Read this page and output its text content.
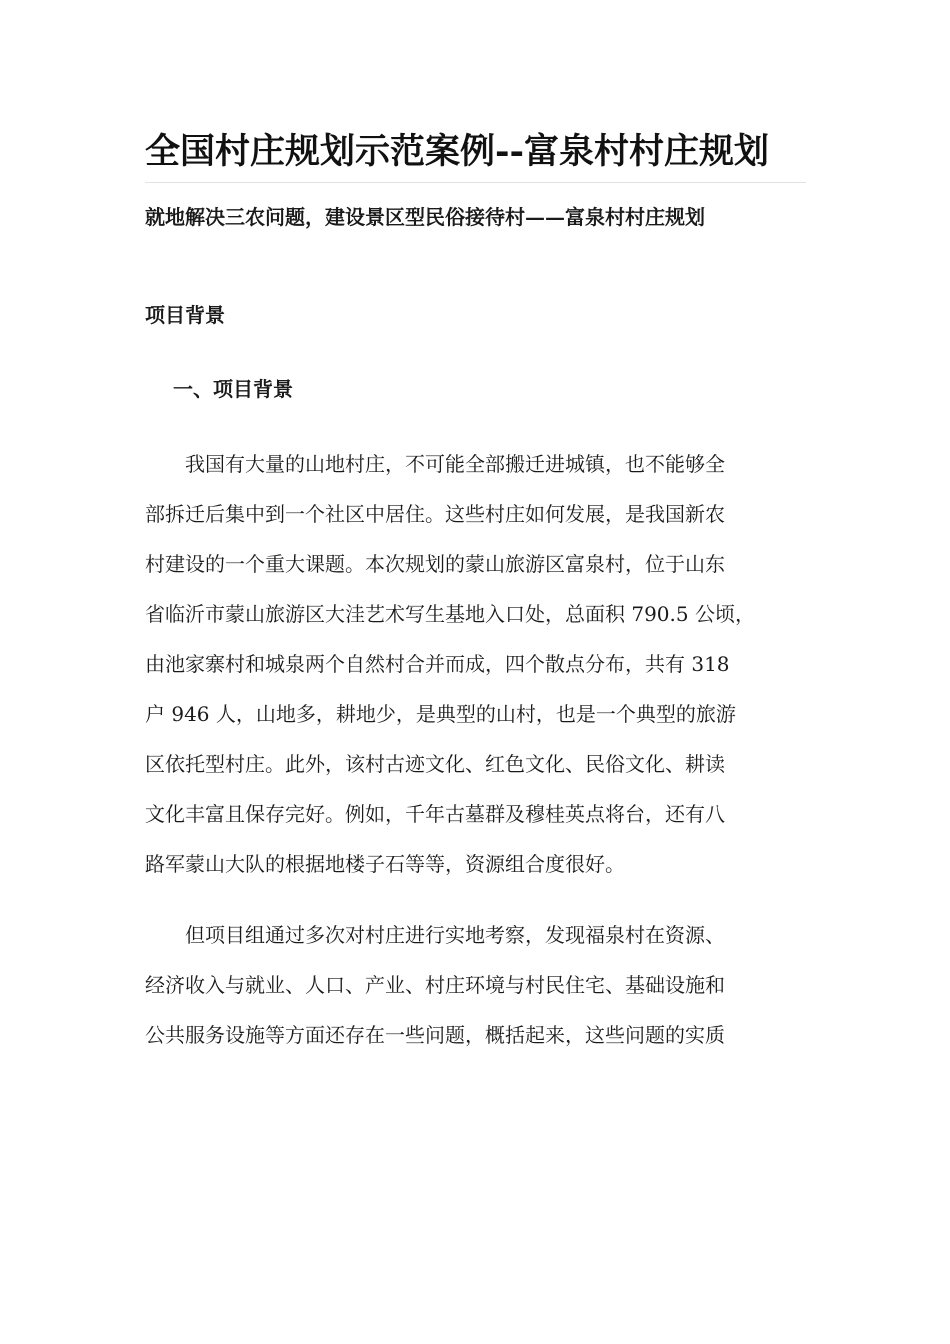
全国村庄规划示范案例--富泉村村庄规划
就地解决三农问题，建设景区型民俗接待村——富泉村村庄规划
项目背景
一、项目背景
我国有大量的山地村庄，不可能全部搬迁进城镇，也不能够全
部拆迁后集中到一个社区中居住。这些村庄如何发展，是我国新农
村建设的一个重大课题。本次规划的蒙山旅游区富泉村，位于山东
省临沂市蒙山旅游区大洼艺术写生基地入口处，总面积 790.5 公顷，
由池家寨村和城泉两个自然村合并而成，四个散点分布，共有 318
户 946 人，山地多，耕地少，是典型的山村，也是一个典型的旅游
区依托型村庄。此外，该村古迹文化、红色文化、民俗文化、耕读
文化丰富且保存完好。例如，千年古墓群及穆桂英点将台，还有八
路军蒙山大队的根据地楼子石等等，资源组合度很好。
但项目组通过多次对村庄进行实地考察，发现福泉村在资源、
经济收入与就业、人口、产业、村庄环境与村民住宅、基础设施和
公共服务设施等方面还存在一些问题，概括起来，这些问题的实质
